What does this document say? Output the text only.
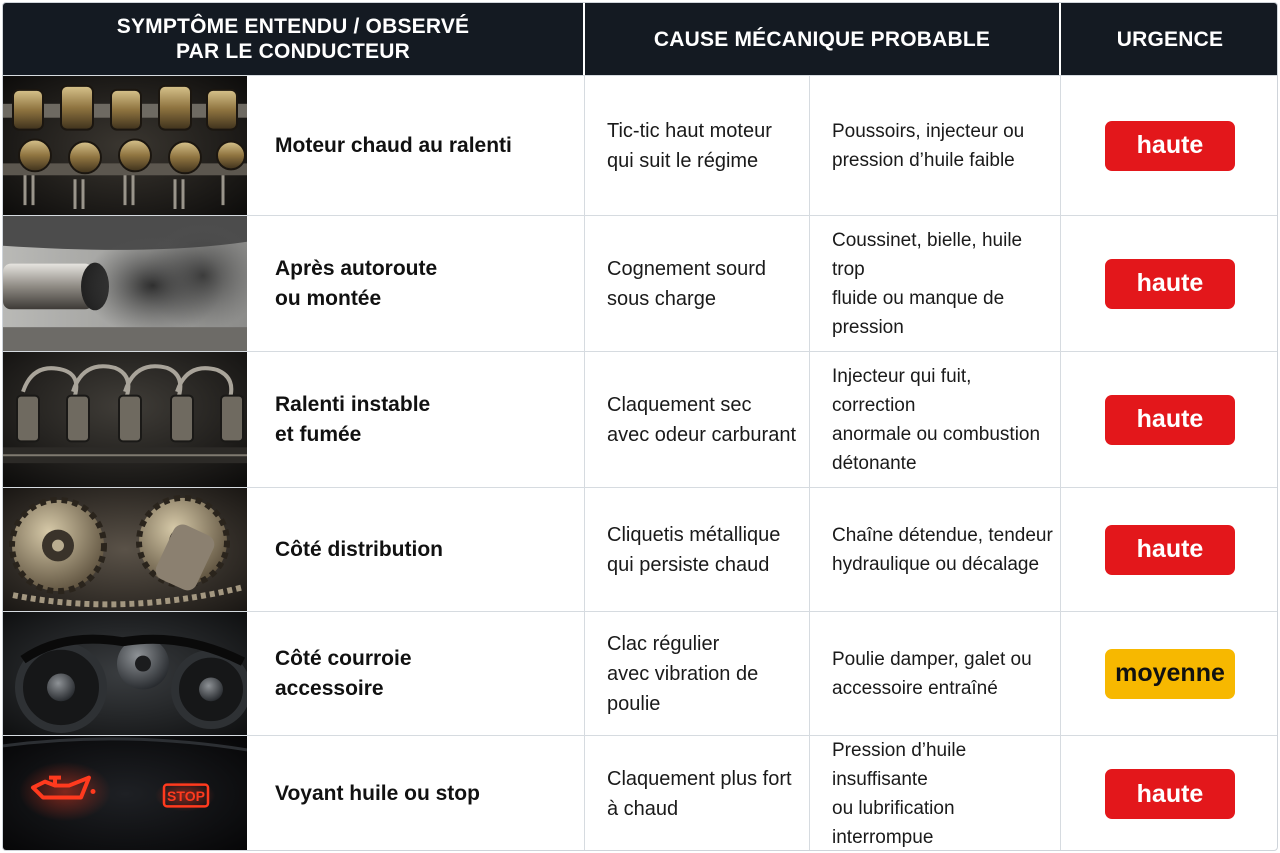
SYMPTÔME ENTENDU / OBSERVÉ
PAR LE CONDUCTEUR
CAUSE MÉCANIQUE PROBABLE	URGENCE
Moteur chaud au ralenti
Tic-tic haut moteur
qui suit le régime
Poussoirs, injecteur ou
pression d’huile faible
haute
Après autoroute
ou montée
Cognement sourd
sous charge
Coussinet, bielle, huile trop
fluide ou manque de pression
haute
Ralenti instable
et fumée
Claquement sec
avec odeur carburant
Injecteur qui fuit, correction
anormale ou combustion
détonante
haute
Côté distribution
Cliquetis métallique
qui persiste chaud
Chaîne détendue, tendeur
hydraulique ou décalage
haute
Côté courroie
accessoire
Clac régulier
avec vibration de poulie
Poulie damper, galet ou
accessoire entraîné
moyenne
STOP	Voyant huile ou stop
Claquement plus fort
à chaud
Pression d’huile insuffisante
ou lubrification interrompue
haute
